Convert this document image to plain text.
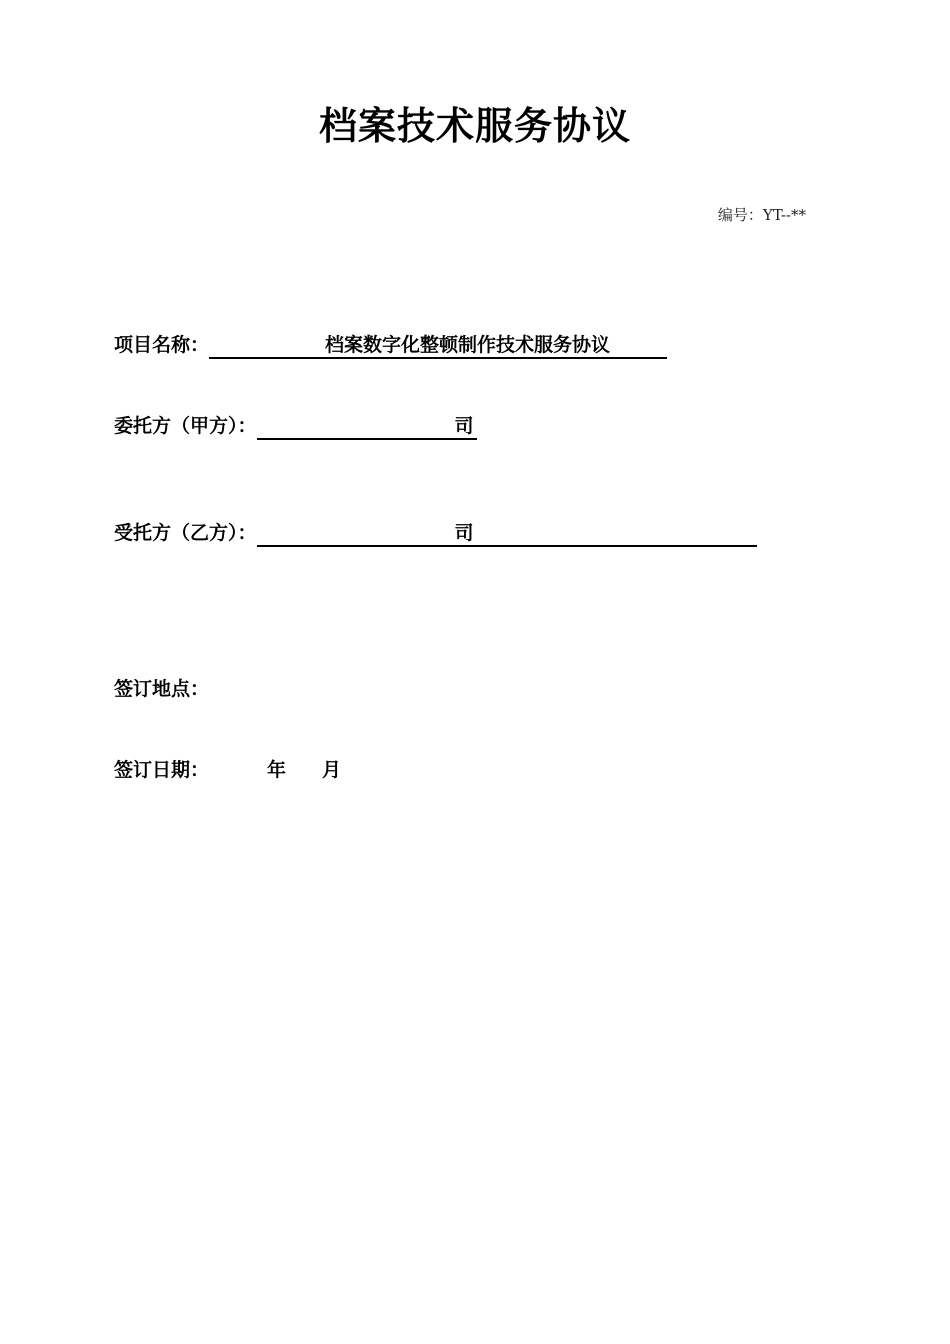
档案技术服务协议
编号：YT--**
项目名称：	档案数字化整顿制作技术服务协议
委托方（甲方）：	司
受托方（乙方）：	司
签订地点：
签订日期：	年 月
